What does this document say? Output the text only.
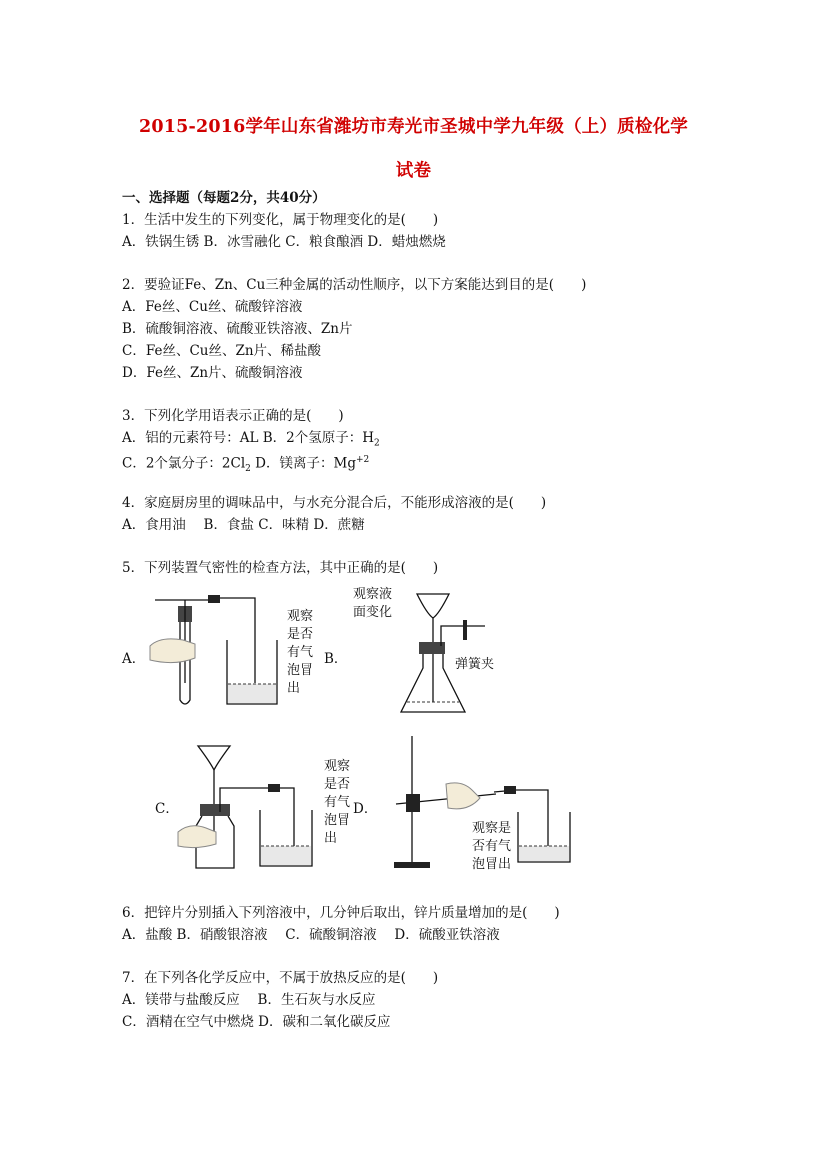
2015-2016学年山东省潍坊市寿光市圣城中学九年级（上）质检化学
试卷
一、选择题（每题2分，共40分）
1．生活中发生的下列变化，属于物理变化的是(　　)
A．铁锅生锈 B．冰雪融化 C．粮食酿酒 D．蜡烛燃烧
2．要验证Fe、Zn、Cu三种金属的活动性顺序，以下方案能达到目的是(　　)
A．Fe丝、Cu丝、硫酸锌溶液
B．硫酸铜溶液、硫酸亚铁溶液、Zn片
C．Fe丝、Cu丝、Zn片、稀盐酸
D．Fe丝、Zn片、硫酸铜溶液
3．下列化学用语表示正确的是(　　)
A．铝的元素符号：AL B．2个氢原子：$H_2$
C．2个氯分子：$2Cl_2$ D．镁离子：$Mg^{+2}$
4．家庭厨房里的调味品中，与水充分混合后，不能形成溶液的是(　　)
A．食用油　 B．食盐 C．味精 D．蔗糖
5．下列装置气密性的检查方法，其中正确的是(　　)
A．
观察
是否
有气
泡冒
出
B．
观察液
面变化
弹簧夹
C．
观察
是否
有气
泡冒
出
D．
观察是
否有气
泡冒出
6．把锌片分别插入下列溶液中，几分钟后取出，锌片质量增加的是(　　)
A．盐酸 B．硝酸银溶液　 C．硫酸铜溶液　 D．硫酸亚铁溶液
7．在下列各化学反应中，不属于放热反应的是(　　)
A．镁带与盐酸反应　 B．生石灰与水反应
C．酒精在空气中燃烧 D．碳和二氧化碳反应
